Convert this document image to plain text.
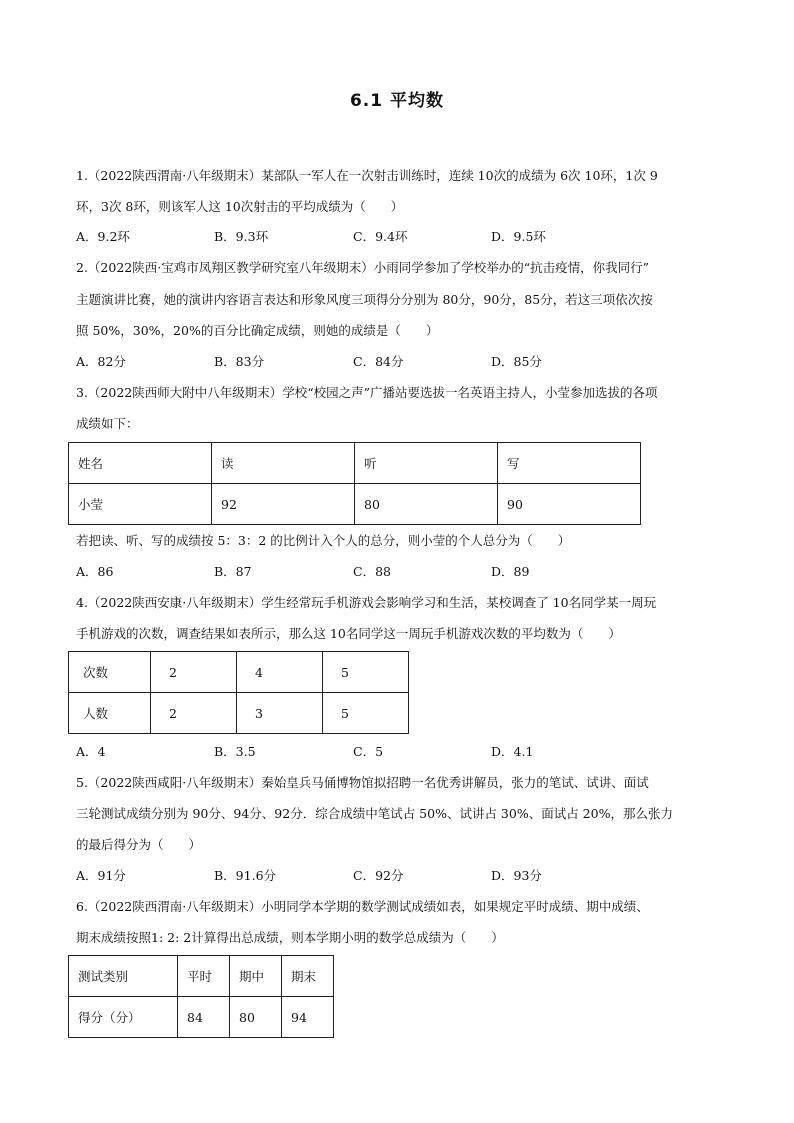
6.1 平均数
1.（2022陕西渭南·八年级期末）某部队一军人在一次射击训练时，连续 10次的成绩为 6次 10环，1次 9
环，3次 8环，则该军人这 10次射击的平均成绩为（　　）
A．9.2环	B．9.3环	C．9.4环	D．9.5环
2.（2022陕西·宝鸡市凤翔区教学研究室八年级期末）小雨同学参加了学校举办的“抗击疫情，你我同行”
主题演讲比赛，她的演讲内容语言表达和形象风度三项得分分别为 80分，90分，85分，若这三项依次按
照 50%，30%，20%的百分比确定成绩，则她的成绩是（　　）
A．82分	B．83分	C．84分	D．85分
3.（2022陕西师大附中八年级期末）学校“校园之声”广播站要选拔一名英语主持人，小莹参加选拔的各项
成绩如下：
姓名	读	听	写
小莹	92	80	90
若把读、听、写的成绩按 5：3：2 的比例计入个人的总分，则小莹的个人总分为（　　）
A．86	B．87	C．88	D．89
4.（2022陕西安康·八年级期末）学生经常玩手机游戏会影响学习和生活，某校调查了 10名同学某一周玩
手机游戏的次数，调查结果如表所示，那么这 10名同学这一周玩手机游戏次数的平均数为（　　）
次数	2	4	5
人数	2	3	5
A．4	B．3.5	C．5	D．4.1
5.（2022陕西咸阳·八年级期末）秦始皇兵马俑博物馆拟招聘一名优秀讲解员，张力的笔试、试讲、面试
三轮测试成绩分别为 90分、94分、92分．综合成绩中笔试占 50%、试讲占 30%、面试占 20%，那么张力
的最后得分为（　　）
A．91分	B．91.6分	C．92分	D．93分
6.（2022陕西渭南·八年级期末）小明同学本学期的数学测试成绩如表，如果规定平时成绩、期中成绩、
期末成绩按照1: 2: 2计算得出总成绩，则本学期小明的数学总成绩为（　　）
测试类别	平时	期中	期末
得分（分）	84	80	94
